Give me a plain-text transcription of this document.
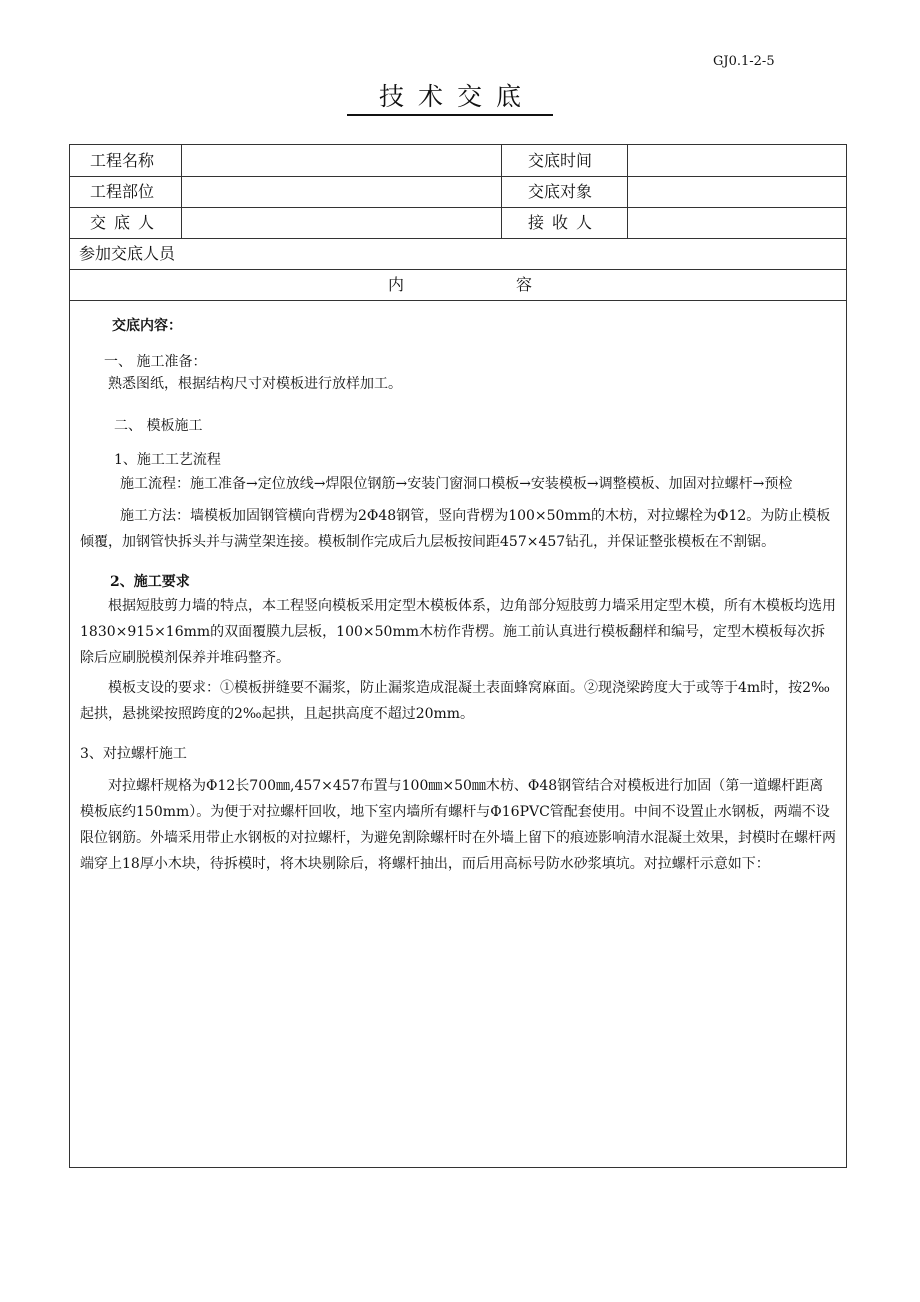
GJ0.1-2-5
技术交底
工程名称	交底时间
工程部位	交底对象
交底人	接收人
参加交底人员
内	容

交底内容：

一、 施工准备：

熟悉图纸，根据结构尺寸对模板进行放样加工。

二、 模板施工

1、施工工艺流程

施工流程：施工准备→定位放线→焊限位钢筋→安装门窗洞口模板→安装模板→调整模板、加固对拉螺杆→预检

施工方法：墙模板加固钢管横向背楞为2Φ48钢管，竖向背楞为100×50mm的木枋，对拉螺栓为Φ12。为防止模板倾覆，加钢管快拆头并与满堂架连接。模板制作完成后九层板按间距457×457钻孔，并保证整张模板在不割锯。

2、施工要求

根据短肢剪力墙的特点，本工程竖向模板采用定型木模板体系，边角部分短肢剪力墙采用定型木模，所有木模板均选用1830×915×16mm的双面覆膜九层板，100×50mm木枋作背楞。施工前认真进行模板翻样和编号，定型木模板每次拆除后应刷脱模剂保养并堆码整齐。

模板支设的要求：①模板拼缝要不漏浆，防止漏浆造成混凝土表面蜂窝麻面。②现浇梁跨度大于或等于4m时，按2‰起拱，悬挑梁按照跨度的2‰起拱，且起拱高度不超过20mm。

3、对拉螺杆施工

对拉螺杆规格为Φ12长700㎜,457×457布置与100㎜×50㎜木枋、Φ48钢管结合对模板进行加固（第一道螺杆距离模板底约150mm）。为便于对拉螺杆回收，地下室内墙所有螺杆与Φ16PVC管配套使用。中间不设置止水钢板，两端不设限位钢筋。外墙采用带止水钢板的对拉螺杆，为避免割除螺杆时在外墙上留下的痕迹影响清水混凝土效果，封模时在螺杆两端穿上18厚小木块，待拆模时，将木块剔除后，将螺杆抽出，而后用高标号防水砂浆填坑。对拉螺杆示意如下：
